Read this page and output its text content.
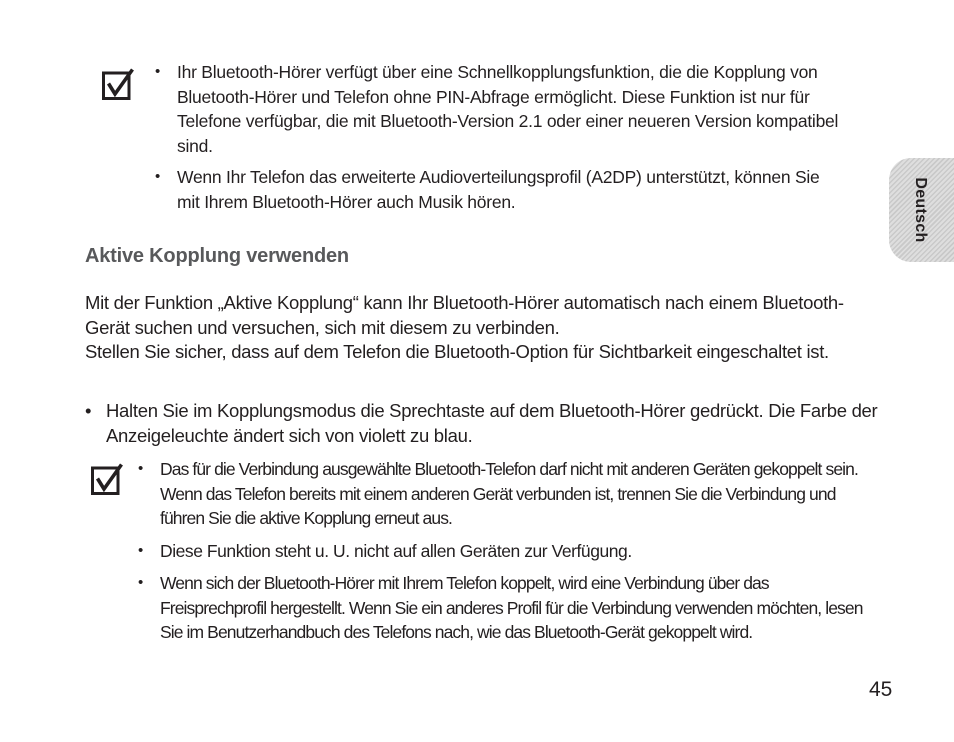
• Ihr Bluetooth-Hörer verfügt über eine Schnellkopplungsfunktion, die die Kopplung von Bluetooth-Hörer und Telefon ohne PIN-Abfrage ermöglicht. Diese Funktion ist nur für Telefone verfügbar, die mit Bluetooth-Version 2.1 oder einer neueren Version kompatibel sind.
• Wenn Ihr Telefon das erweiterte Audioverteilungsprofil (A2DP) unterstützt, können Sie mit Ihrem Bluetooth-Hörer auch Musik hören.
Aktive Kopplung verwenden

Mit der Funktion „Aktive Kopplung“ kann Ihr Bluetooth-Hörer automatisch nach einem Bluetooth-Gerät suchen und versuchen, sich mit diesem zu verbinden.

Stellen Sie sicher, dass auf dem Telefon die Bluetooth-Option für Sichtbarkeit eingeschaltet ist.

• Halten Sie im Kopplungsmodus die Sprechtaste auf dem Bluetooth-Hörer gedrückt. Die Farbe der Anzeigeleuchte ändert sich von violett zu blau.
• Das für die Verbindung ausgewählte Bluetooth-Telefon darf nicht mit anderen Geräten gekoppelt sein. Wenn das Telefon bereits mit einem anderen Gerät verbunden ist, trennen Sie die Verbindung und führen Sie die aktive Kopplung erneut aus.
• Diese Funktion steht u. U. nicht auf allen Geräten zur Verfügung.
• Wenn sich der Bluetooth-Hörer mit Ihrem Telefon koppelt, wird eine Verbindung über das Freisprechprofil hergestellt. Wenn Sie ein anderes Profil für die Verbindung verwenden möchten, lesen Sie im Benutzerhandbuch des Telefons nach, wie das Bluetooth-Gerät gekoppelt wird.
Deutsch
45
